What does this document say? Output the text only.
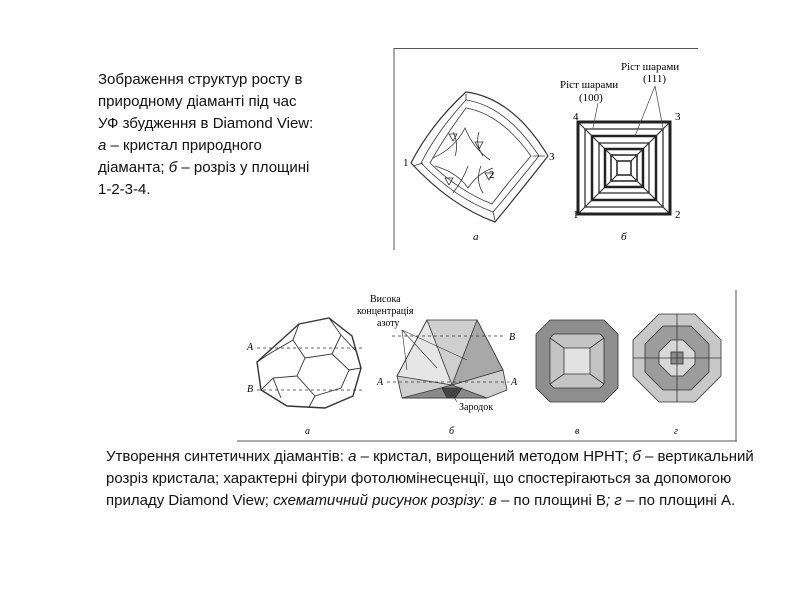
Зображення структур росту в
природному діаманті під час
УФ збудження в Diamond View:
а – кристал природного
діаманта; б – розріз у площині
1-2-3-4.
1
2
3
а
Ріст шарами
(111)
Ріст шарами
(100)
4	3
1	2
б
A
B
а
Висока
концентрація
азоту
B
A	A
Зародок
б	в	г
Утворення синтетичних діамантів: а – кристал, вирощений методом НРНТ; б – вертикальний розріз кристала; характерні фігури фотолюмінесценції, що спостерігаються за допомогою приладу Diamond View; схематичний рисунок розрізу: в – по площині В; г – по площині А.
